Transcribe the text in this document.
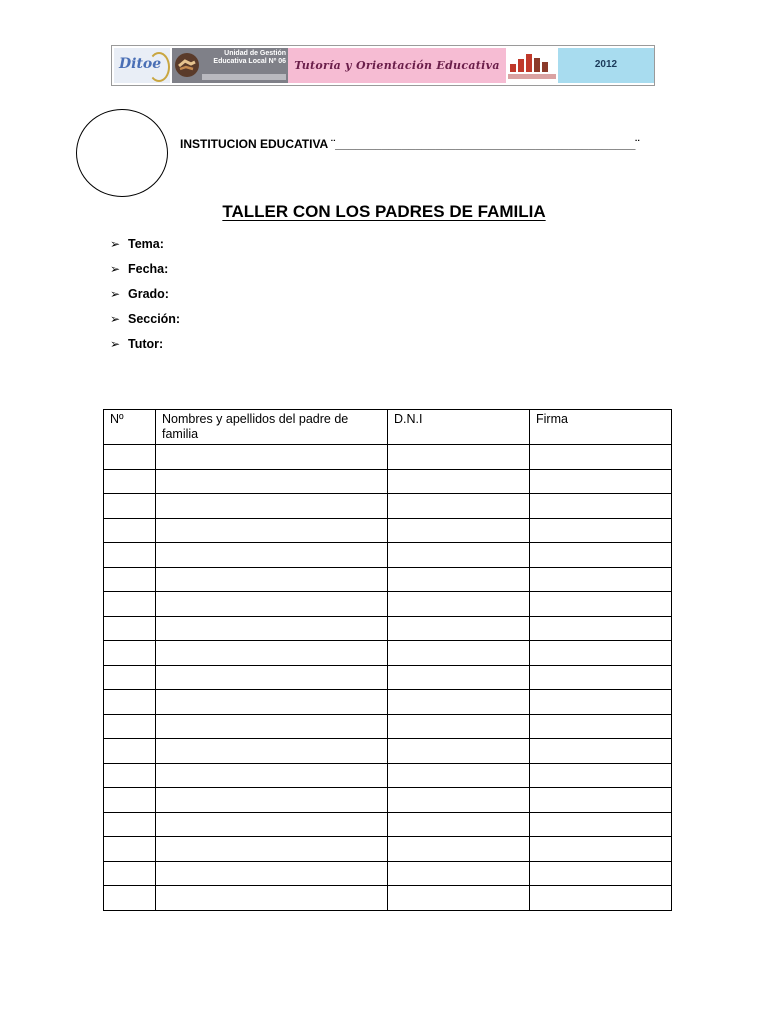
Ditoe
Unidad de Gestión Educativa Local Nº 06 Tutoría y Orientación Educativa	2012
INSTITUCION EDUCATIVA ¨_____________________________________________¨
TALLER CON LOS PADRES DE FAMILIA
➢ Tema:
➢ Fecha:
➢ Grado:
➢ Sección:
➢ Tutor:
Nº	Nombres y apellidos del padre de familia	D.N.I	Firma
